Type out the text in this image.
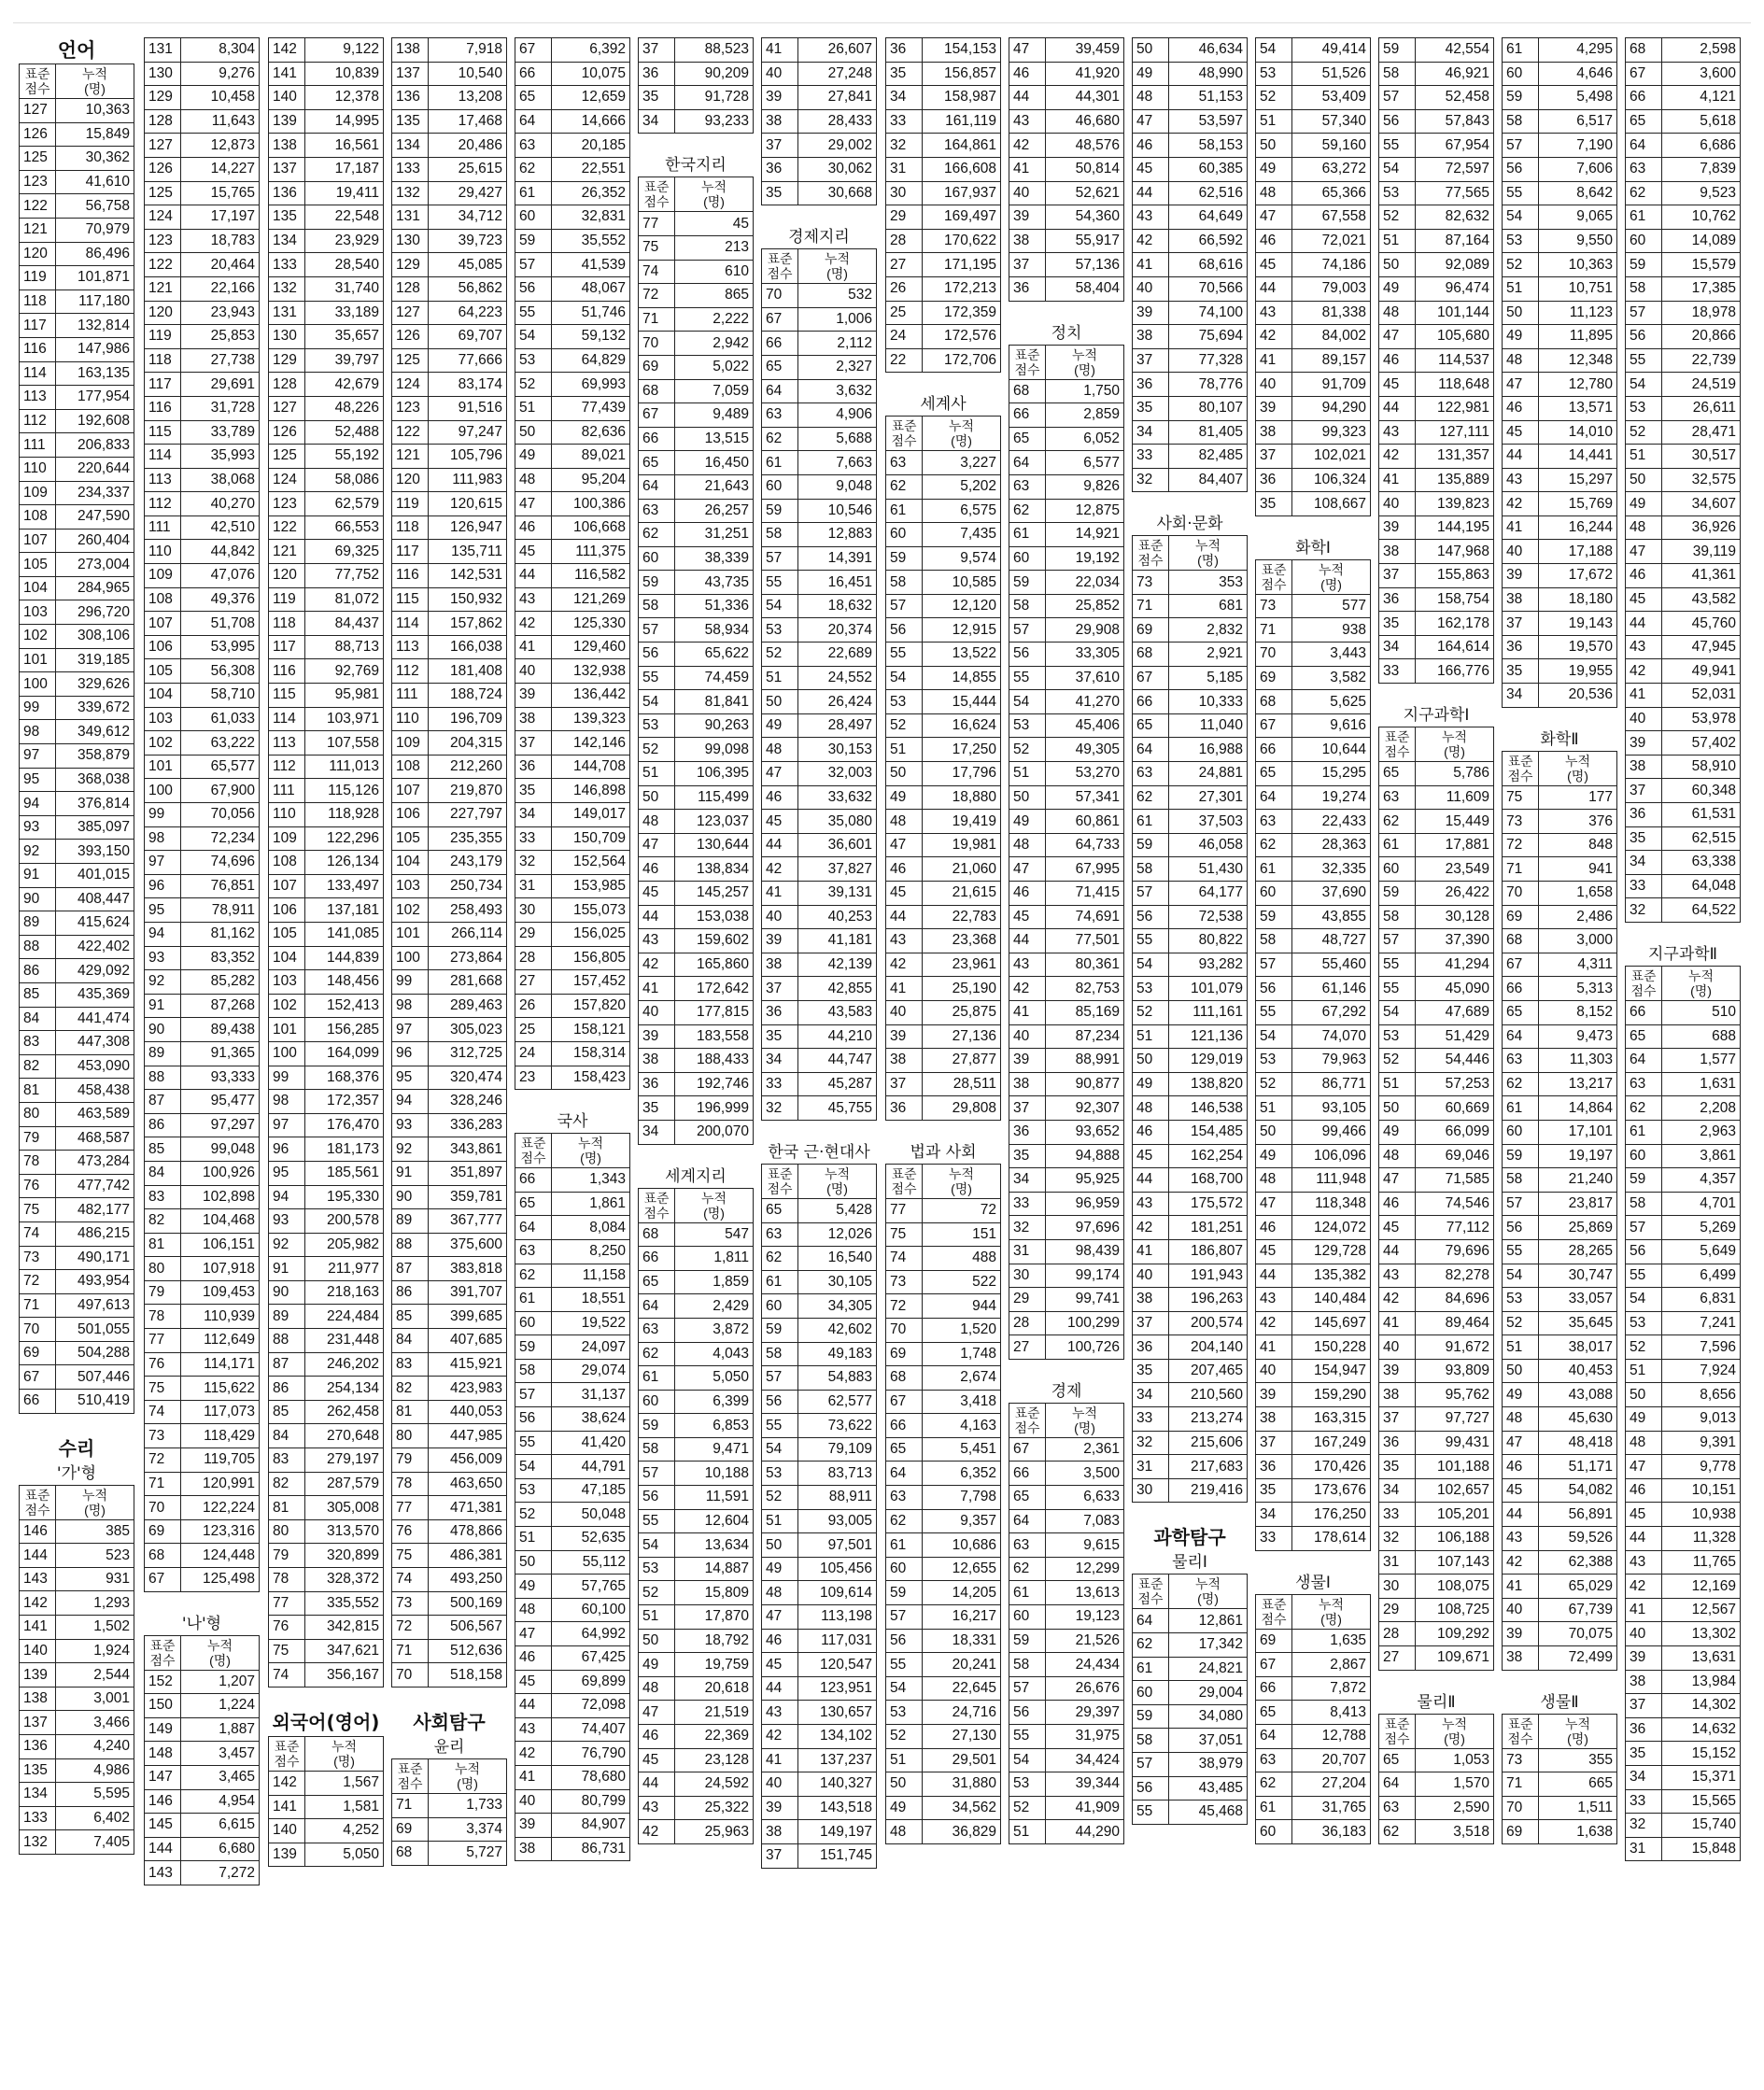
언어
표준
점수	누적
(명)
127	10,363
126	15,849
125	30,362
123	41,610
122	56,758
121	70,979
120	86,496
119	101,871
118	117,180
117	132,814
116	147,986
114	163,135
113	177,954
112	192,608
111	206,833
110	220,644
109	234,337
108	247,590
107	260,404
105	273,004
104	284,965
103	296,720
102	308,106
101	319,185
100	329,626
99	339,672
98	349,612
97	358,879
95	368,038
94	376,814
93	385,097
92	393,150
91	401,015
90	408,447
89	415,624
88	422,402
86	429,092
85	435,369
84	441,474
83	447,308
82	453,090
81	458,438
80	463,589
79	468,587
78	473,284
76	477,742
75	482,177
74	486,215
73	490,171
72	493,954
71	497,613
70	501,055
69	504,288
67	507,446
66	510,419
수리
'가'형
표준
점수	누적
(명)
146	385
144	523
143	931
142	1,293
141	1,502
140	1,924
139	2,544
138	3,001
137	3,466
136	4,240
135	4,986
134	5,595
133	6,402
132	7,405
131	8,304
130	9,276
129	10,458
128	11,643
127	12,873
126	14,227
125	15,765
124	17,197
123	18,783
122	20,464
121	22,166
120	23,943
119	25,853
118	27,738
117	29,691
116	31,728
115	33,789
114	35,993
113	38,068
112	40,270
111	42,510
110	44,842
109	47,076
108	49,376
107	51,708
106	53,995
105	56,308
104	58,710
103	61,033
102	63,222
101	65,577
100	67,900
99	70,056
98	72,234
97	74,696
96	76,851
95	78,911
94	81,162
93	83,352
92	85,282
91	87,268
90	89,438
89	91,365
88	93,333
87	95,477
86	97,297
85	99,048
84	100,926
83	102,898
82	104,468
81	106,151
80	107,918
79	109,453
78	110,939
77	112,649
76	114,171
75	115,622
74	117,073
73	118,429
72	119,705
71	120,991
70	122,224
69	123,316
68	124,448
67	125,498
'나'형
표준
점수	누적
(명)
152	1,207
150	1,224
149	1,887
148	3,457
147	3,465
146	4,954
145	6,615
144	6,680
143	7,272
142	9,122
141	10,839
140	12,378
139	14,995
138	16,561
137	17,187
136	19,411
135	22,548
134	23,929
133	28,540
132	31,740
131	33,189
130	35,657
129	39,797
128	42,679
127	48,226
126	52,488
125	55,192
124	58,086
123	62,579
122	66,553
121	69,325
120	77,752
119	81,072
118	84,437
117	88,713
116	92,769
115	95,981
114	103,971
113	107,558
112	111,013
111	115,126
110	118,928
109	122,296
108	126,134
107	133,497
106	137,181
105	141,085
104	144,839
103	148,456
102	152,413
101	156,285
100	164,099
99	168,376
98	172,357
97	176,470
96	181,173
95	185,561
94	195,330
93	200,578
92	205,982
91	211,977
90	218,163
89	224,484
88	231,448
87	246,202
86	254,134
85	262,458
84	270,648
83	279,197
82	287,579
81	305,008
80	313,570
79	320,899
78	328,372
77	335,552
76	342,815
75	347,621
74	356,167
외국어(영어)
표준
점수	누적
(명)
142	1,567
141	1,581
140	4,252
139	5,050
138	7,918
137	10,540
136	13,208
135	17,468
134	20,486
133	25,615
132	29,427
131	34,712
130	39,723
129	45,085
128	56,862
127	64,223
126	69,707
125	77,666
124	83,174
123	91,516
122	97,247
121	105,796
120	111,983
119	120,615
118	126,947
117	135,711
116	142,531
115	150,932
114	157,862
113	166,038
112	181,408
111	188,724
110	196,709
109	204,315
108	212,260
107	219,870
106	227,797
105	235,355
104	243,179
103	250,734
102	258,493
101	266,114
100	273,864
99	281,668
98	289,463
97	305,023
96	312,725
95	320,474
94	328,246
93	336,283
92	343,861
91	351,897
90	359,781
89	367,777
88	375,600
87	383,818
86	391,707
85	399,685
84	407,685
83	415,921
82	423,983
81	440,053
80	447,985
79	456,009
78	463,650
77	471,381
76	478,866
75	486,381
74	493,250
73	500,169
72	506,567
71	512,636
70	518,158
사회탐구
윤리
표준
점수	누적
(명)
71	1,733
69	3,374
68	5,727
67	6,392
66	10,075
65	12,659
64	14,666
63	20,185
62	22,551
61	26,352
60	32,831
59	35,552
57	41,539
56	48,067
55	51,746
54	59,132
53	64,829
52	69,993
51	77,439
50	82,636
49	89,021
48	95,204
47	100,386
46	106,668
45	111,375
44	116,582
43	121,269
42	125,330
41	129,460
40	132,938
39	136,442
38	139,323
37	142,146
36	144,708
35	146,898
34	149,017
33	150,709
32	152,564
31	153,985
30	155,073
29	156,025
28	156,805
27	157,452
26	157,820
25	158,121
24	158,314
23	158,423
국사
표준
점수	누적
(명)
66	1,343
65	1,861
64	8,084
63	8,250
62	11,158
61	18,551
60	19,522
59	24,097
58	29,074
57	31,137
56	38,624
55	41,420
54	44,791
53	47,185
52	50,048
51	52,635
50	55,112
49	57,765
48	60,100
47	64,992
46	67,425
45	69,899
44	72,098
43	74,407
42	76,790
41	78,680
40	80,799
39	84,907
38	86,731
37	88,523
36	90,209
35	91,728
34	93,233
한국지리
표준
점수	누적
(명)
77	45
75	213
74	610
72	865
71	2,222
70	2,942
69	5,022
68	7,059
67	9,489
66	13,515
65	16,450
64	21,643
63	26,257
62	31,251
60	38,339
59	43,735
58	51,336
57	58,934
56	65,622
55	74,459
54	81,841
53	90,263
52	99,098
51	106,395
50	115,499
48	123,037
47	130,644
46	138,834
45	145,257
44	153,038
43	159,602
42	165,860
41	172,642
40	177,815
39	183,558
38	188,433
36	192,746
35	196,999
34	200,070
세계지리
표준
점수	누적
(명)
68	547
66	1,811
65	1,859
64	2,429
63	3,872
62	4,043
61	5,050
60	6,399
59	6,853
58	9,471
57	10,188
56	11,591
55	12,604
54	13,634
53	14,887
52	15,809
51	17,870
50	18,792
49	19,759
48	20,618
47	21,519
46	22,369
45	23,128
44	24,592
43	25,322
42	25,963
41	26,607
40	27,248
39	27,841
38	28,433
37	29,002
36	30,062
35	30,668
경제지리
표준
점수	누적
(명)
70	532
67	1,006
66	2,112
65	2,327
64	3,632
63	4,906
62	5,688
61	7,663
60	9,048
59	10,546
58	12,883
57	14,391
55	16,451
54	18,632
53	20,374
52	22,689
51	24,552
50	26,424
49	28,497
48	30,153
47	32,003
46	33,632
45	35,080
44	36,601
42	37,827
41	39,131
40	40,253
39	41,181
38	42,139
37	42,855
36	43,583
35	44,210
34	44,747
33	45,287
32	45,755
한국 근·현대사
표준
점수	누적
(명)
65	5,428
63	12,026
62	16,540
61	30,105
60	34,305
59	42,602
58	49,183
57	54,883
56	62,577
55	73,622
54	79,109
53	83,713
52	88,911
51	93,005
50	97,501
49	105,456
48	109,614
47	113,198
46	117,031
45	120,547
44	123,951
43	130,657
42	134,102
41	137,237
40	140,327
39	143,518
38	149,197
37	151,745
36	154,153
35	156,857
34	158,987
33	161,119
32	164,861
31	166,608
30	167,937
29	169,497
28	170,622
27	171,195
26	172,213
25	172,359
24	172,576
22	172,706
세계사
표준
점수	누적
(명)
63	3,227
62	5,202
61	6,575
60	7,435
59	9,574
58	10,585
57	12,120
56	12,915
55	13,522
54	14,855
53	15,444
52	16,624
51	17,250
50	17,796
49	18,880
48	19,419
47	19,981
46	21,060
45	21,615
44	22,783
43	23,368
42	23,961
41	25,190
40	25,875
39	27,136
38	27,877
37	28,511
36	29,808
법과 사회
표준
점수	누적
(명)
77	72
75	151
74	488
73	522
72	944
70	1,520
69	1,748
68	2,674
67	3,418
66	4,163
65	5,451
64	6,352
63	7,798
62	9,357
61	10,686
60	12,655
59	14,205
57	16,217
56	18,331
55	20,241
54	22,645
53	24,716
52	27,130
51	29,501
50	31,880
49	34,562
48	36,829
47	39,459
46	41,920
44	44,301
43	46,680
42	48,576
41	50,814
40	52,621
39	54,360
38	55,917
37	57,136
36	58,404
정치
표준
점수	누적
(명)
68	1,750
66	2,859
65	6,052
64	6,577
63	9,826
62	12,875
61	14,921
60	19,192
59	22,034
58	25,852
57	29,908
56	33,305
55	37,610
54	41,270
53	45,406
52	49,305
51	53,270
50	57,341
49	60,861
48	64,733
47	67,995
46	71,415
45	74,691
44	77,501
43	80,361
42	82,753
41	85,169
40	87,234
39	88,991
38	90,877
37	92,307
36	93,652
35	94,888
34	95,925
33	96,959
32	97,696
31	98,439
30	99,174
29	99,741
28	100,299
27	100,726
경제
표준
점수	누적
(명)
67	2,361
66	3,500
65	6,633
64	7,083
63	9,615
62	12,299
61	13,613
60	19,123
59	21,526
58	24,434
57	26,676
56	29,397
55	31,975
54	34,424
53	39,344
52	41,909
51	44,290
50	46,634
49	48,990
48	51,153
47	53,597
46	58,153
45	60,385
44	62,516
43	64,649
42	66,592
41	68,616
40	70,566
39	74,100
38	75,694
37	77,328
36	78,776
35	80,107
34	81,405
33	82,485
32	84,407
사회·문화
표준
점수	누적
(명)
73	353
71	681
69	2,832
68	2,921
67	5,185
66	10,333
65	11,040
64	16,988
63	24,881
62	27,301
61	37,503
59	46,058
58	51,430
57	64,177
56	72,538
55	80,822
54	93,282
53	101,079
52	111,161
51	121,136
50	129,019
49	138,820
48	146,538
46	154,485
45	162,254
44	168,700
43	175,572
42	181,251
41	186,807
40	191,943
38	196,263
37	200,574
36	204,140
35	207,465
34	210,560
33	213,274
32	215,606
31	217,683
30	219,416
과학탐구
물리Ⅰ
표준
점수	누적
(명)
64	12,861
62	17,342
61	24,821
60	29,004
59	34,080
58	37,051
57	38,979
56	43,485
55	45,468
54	49,414
53	51,526
52	53,409
51	57,340
50	59,160
49	63,272
48	65,366
47	67,558
46	72,021
45	74,186
44	79,003
43	81,338
42	84,002
41	89,157
40	91,709
39	94,290
38	99,323
37	102,021
36	106,324
35	108,667
화학Ⅰ
표준
점수	누적
(명)
73	577
71	938
70	3,443
69	3,582
68	5,625
67	9,616
66	10,644
65	15,295
64	19,274
63	22,433
62	28,363
61	32,335
60	37,690
59	43,855
58	48,727
57	55,460
56	61,146
55	67,292
54	74,070
53	79,963
52	86,771
51	93,105
50	99,466
49	106,096
48	111,948
47	118,348
46	124,072
45	129,728
44	135,382
43	140,484
42	145,697
41	150,228
40	154,947
39	159,290
38	163,315
37	167,249
36	170,426
35	173,676
34	176,250
33	178,614
생물Ⅰ
표준
점수	누적
(명)
69	1,635
67	2,867
66	7,872
65	8,413
64	12,788
63	20,707
62	27,204
61	31,765
60	36,183
59	42,554
58	46,921
57	52,458
56	57,843
55	67,954
54	72,597
53	77,565
52	82,632
51	87,164
50	92,089
49	96,474
48	101,144
47	105,680
46	114,537
45	118,648
44	122,981
43	127,111
42	131,357
41	135,889
40	139,823
39	144,195
38	147,968
37	155,863
36	158,754
35	162,178
34	164,614
33	166,776
지구과학Ⅰ
표준
점수	누적
(명)
65	5,786
63	11,609
62	15,449
61	17,881
60	23,549
59	26,422
58	30,128
57	37,390
55	41,294
55	45,090
54	47,689
53	51,429
52	54,446
51	57,253
50	60,669
49	66,099
48	69,046
47	71,585
46	74,546
45	77,112
44	79,696
43	82,278
42	84,696
41	89,464
40	91,672
39	93,809
38	95,762
37	97,727
36	99,431
35	101,188
34	102,657
33	105,201
32	106,188
31	107,143
30	108,075
29	108,725
28	109,292
27	109,671
물리Ⅱ
표준
점수	누적
(명)
65	1,053
64	1,570
63	2,590
62	3,518
61	4,295
60	4,646
59	5,498
58	6,517
57	7,190
56	7,606
55	8,642
54	9,065
53	9,550
52	10,363
51	10,751
50	11,123
49	11,895
48	12,348
47	12,780
46	13,571
45	14,010
44	14,441
43	15,297
42	15,769
41	16,244
40	17,188
39	17,672
38	18,180
37	19,143
36	19,570
35	19,955
34	20,536
화학Ⅱ
표준
점수	누적
(명)
75	177
73	376
72	848
71	941
70	1,658
69	2,486
68	3,000
67	4,311
66	5,313
65	8,152
64	9,473
63	11,303
62	13,217
61	14,864
60	17,101
59	19,197
58	21,240
57	23,817
56	25,869
55	28,265
54	30,747
53	33,057
52	35,645
51	38,017
50	40,453
49	43,088
48	45,630
47	48,418
46	51,171
45	54,082
44	56,891
43	59,526
42	62,388
41	65,029
40	67,739
39	70,075
38	72,499
생물Ⅱ
표준
점수	누적
(명)
73	355
71	665
70	1,511
69	1,638
68	2,598
67	3,600
66	4,121
65	5,618
64	6,686
63	7,839
62	9,523
61	10,762
60	14,089
59	15,579
58	17,385
57	18,978
56	20,866
55	22,739
54	24,519
53	26,611
52	28,471
51	30,517
50	32,575
49	34,607
48	36,926
47	39,119
46	41,361
45	43,582
44	45,760
43	47,945
42	49,941
41	52,031
40	53,978
39	57,402
38	58,910
37	60,348
36	61,531
35	62,515
34	63,338
33	64,048
32	64,522
지구과학Ⅱ
표준
점수	누적
(명)
66	510
65	688
64	1,577
63	1,631
62	2,208
61	2,963
60	3,861
59	4,357
58	4,701
57	5,269
56	5,649
55	6,499
54	6,831
53	7,241
52	7,596
51	7,924
50	8,656
49	9,013
48	9,391
47	9,778
46	10,151
45	10,938
44	11,328
43	11,765
42	12,169
41	12,567
40	13,302
39	13,631
38	13,984
37	14,302
36	14,632
35	15,152
34	15,371
33	15,565
32	15,740
31	15,848
